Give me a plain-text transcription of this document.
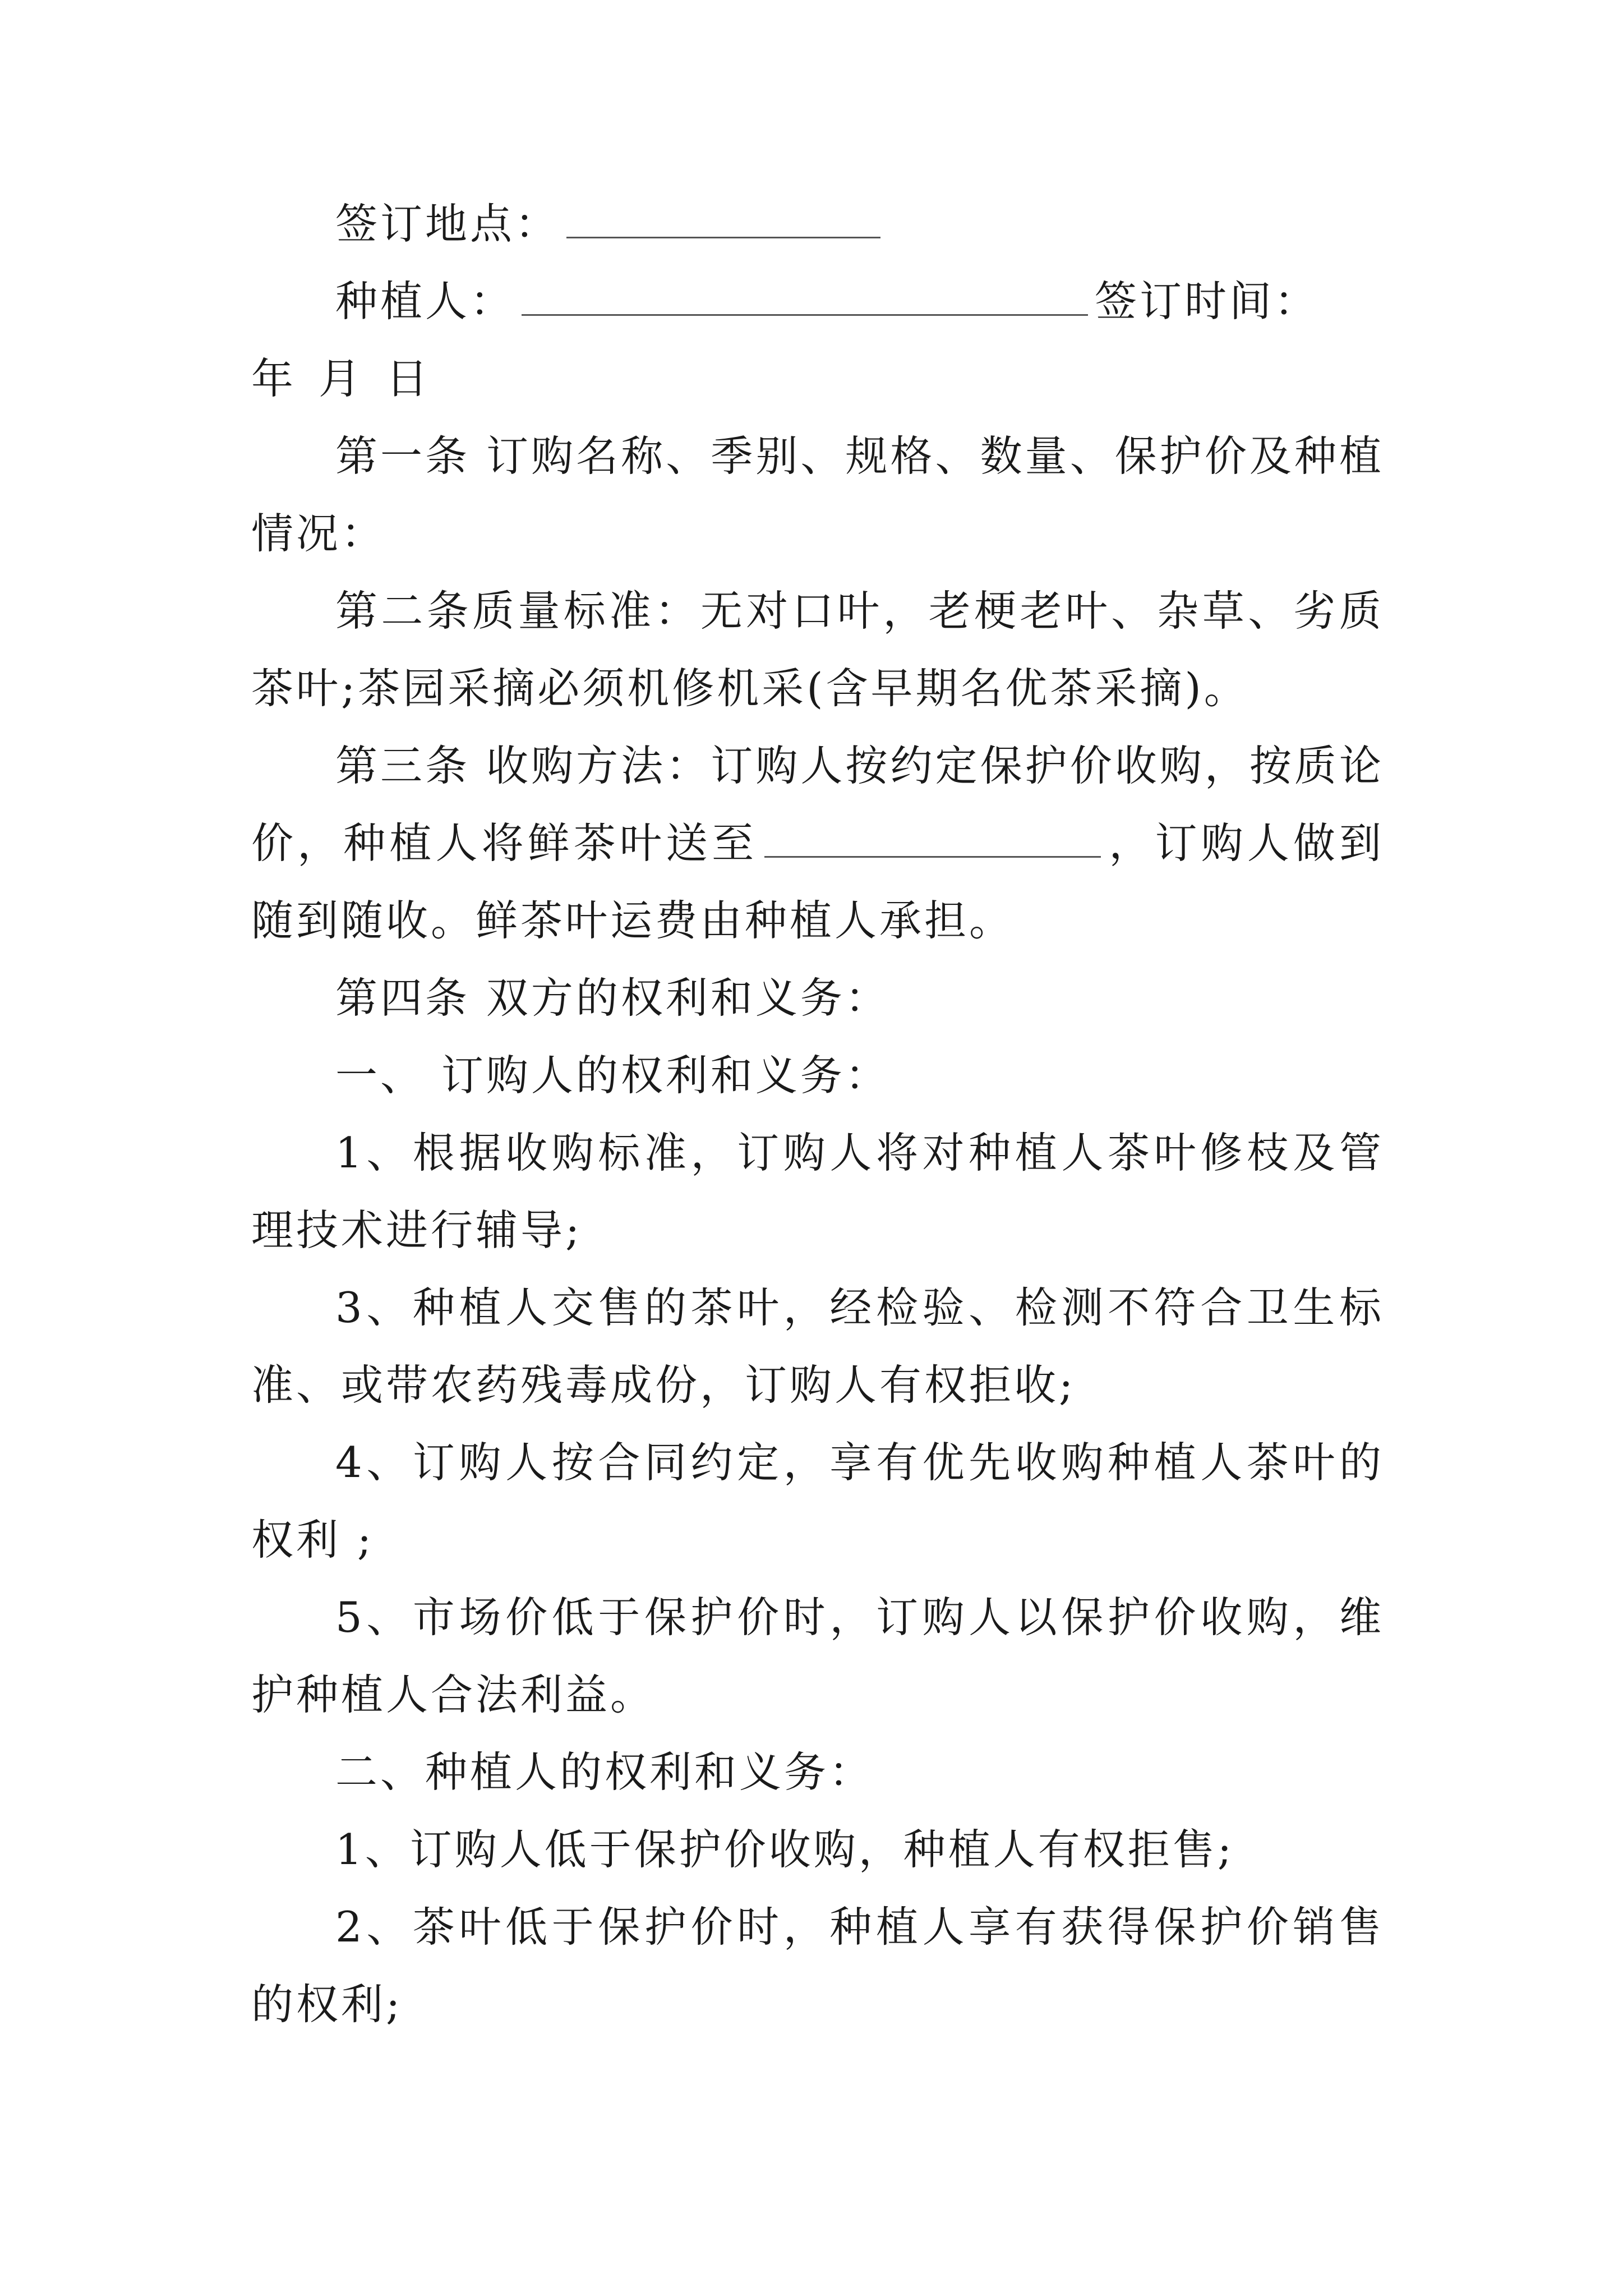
签订地点：

种植人：	签订时间：

年 月 日

第一条 订购名称、季别、规格、数量、保护价及种植情况：

第二条质量标准：无对口叶，老梗老叶、杂草、劣质茶叶;茶园采摘必须机修机采(含早期名优茶采摘)。

第三条 收购方法：订购人按约定保护价收购，按质论价，种植人将鲜茶叶送至	，订购人做到随到随收。鲜茶叶运费由种植人承担。

第四条 双方的权利和义务：

一、 订购人的权利和义务：

1、根据收购标准，订购人将对种植人茶叶修枝及管理技术进行辅导;

3、种植人交售的茶叶，经检验、检测不符合卫生标准、或带农药残毒成份，订购人有权拒收;

4、订购人按合同约定，享有优先收购种植人茶叶的权利 ;

5、市场价低于保护价时，订购人以保护价收购，维护种植人合法利益。

二、种植人的权利和义务：

1、订购人低于保护价收购，种植人有权拒售;

2、茶叶低于保护价时，种植人享有获得保护价销售的权利;
